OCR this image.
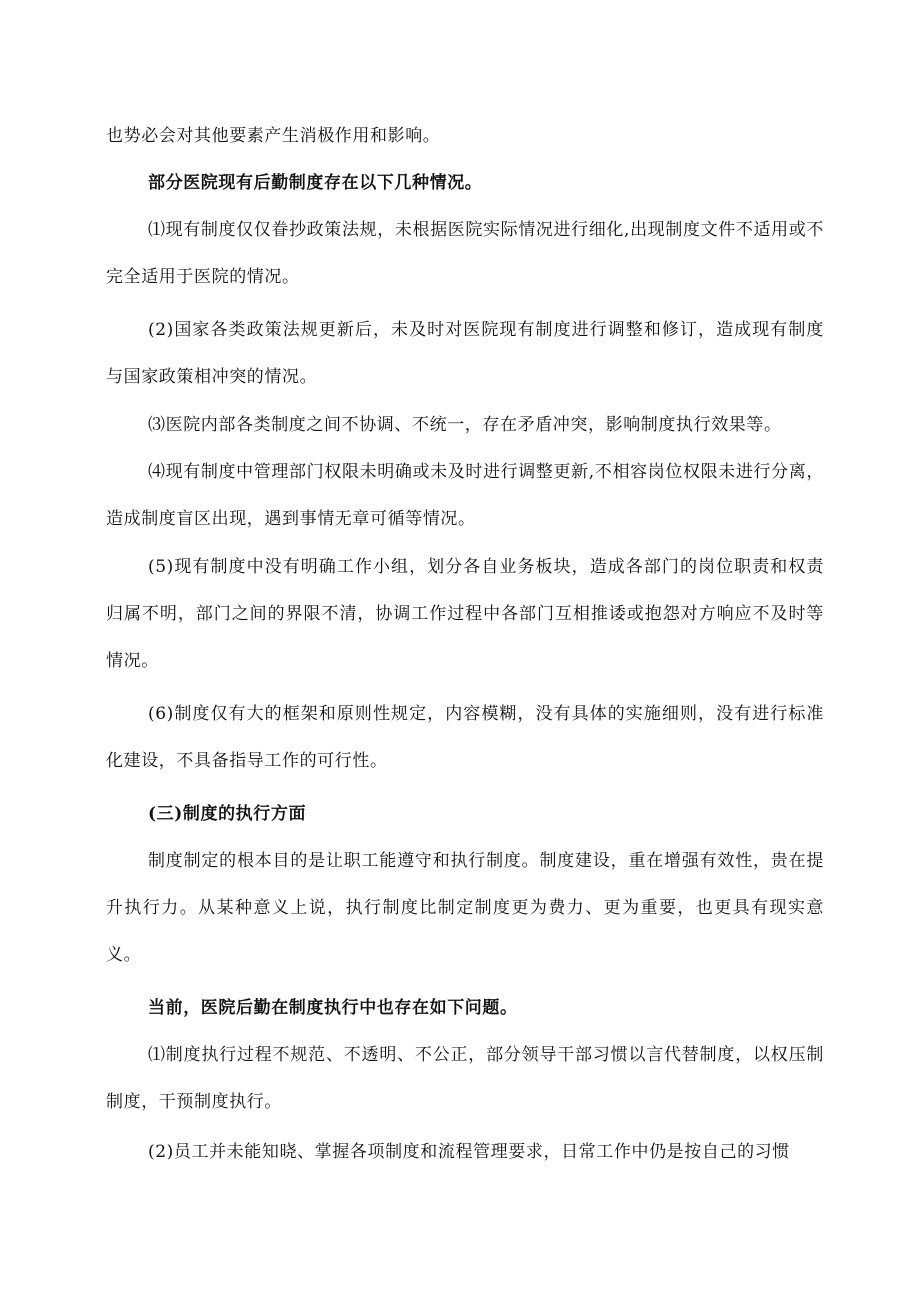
也势必会对其他要素产生消极作用和影响。

部分医院现有后勤制度存在以下几种情况。

⑴现有制度仅仅眷抄政策法规，未根据医院实际情况进行细化,出现制度文件不适用或不完全适用于医院的情况。

(2)国家各类政策法规更新后，未及时对医院现有制度进行调整和修订，造成现有制度与国家政策相冲突的情况。

⑶医院内部各类制度之间不协调、不统一，存在矛盾冲突，影响制度执行效果等。

⑷现有制度中管理部门权限未明确或未及时进行调整更新,不相容岗位权限未进行分离，造成制度盲区出现，遇到事情无章可循等情况。

(5)现有制度中没有明确工作小组，划分各自业务板块，造成各部门的岗位职责和权责归属不明，部门之间的界限不清，协调工作过程中各部门互相推诿或抱怨对方响应不及时等情况。

(6)制度仅有大的框架和原则性规定，内容模糊，没有具体的实施细则，没有进行标准化建设，不具备指导工作的可行性。

(三)制度的执行方面

制度制定的根本目的是让职工能遵守和执行制度。制度建设，重在增强有效性，贵在提升执行力。从某种意义上说，执行制度比制定制度更为费力、更为重要，也更具有现实意义。

当前，医院后勤在制度执行中也存在如下问题。

⑴制度执行过程不规范、不透明、不公正，部分领导干部习惯以言代替制度，以权压制制度，干预制度执行。

(2)员工并未能知晓、掌握各项制度和流程管理要求，日常工作中仍是按自己的习惯
